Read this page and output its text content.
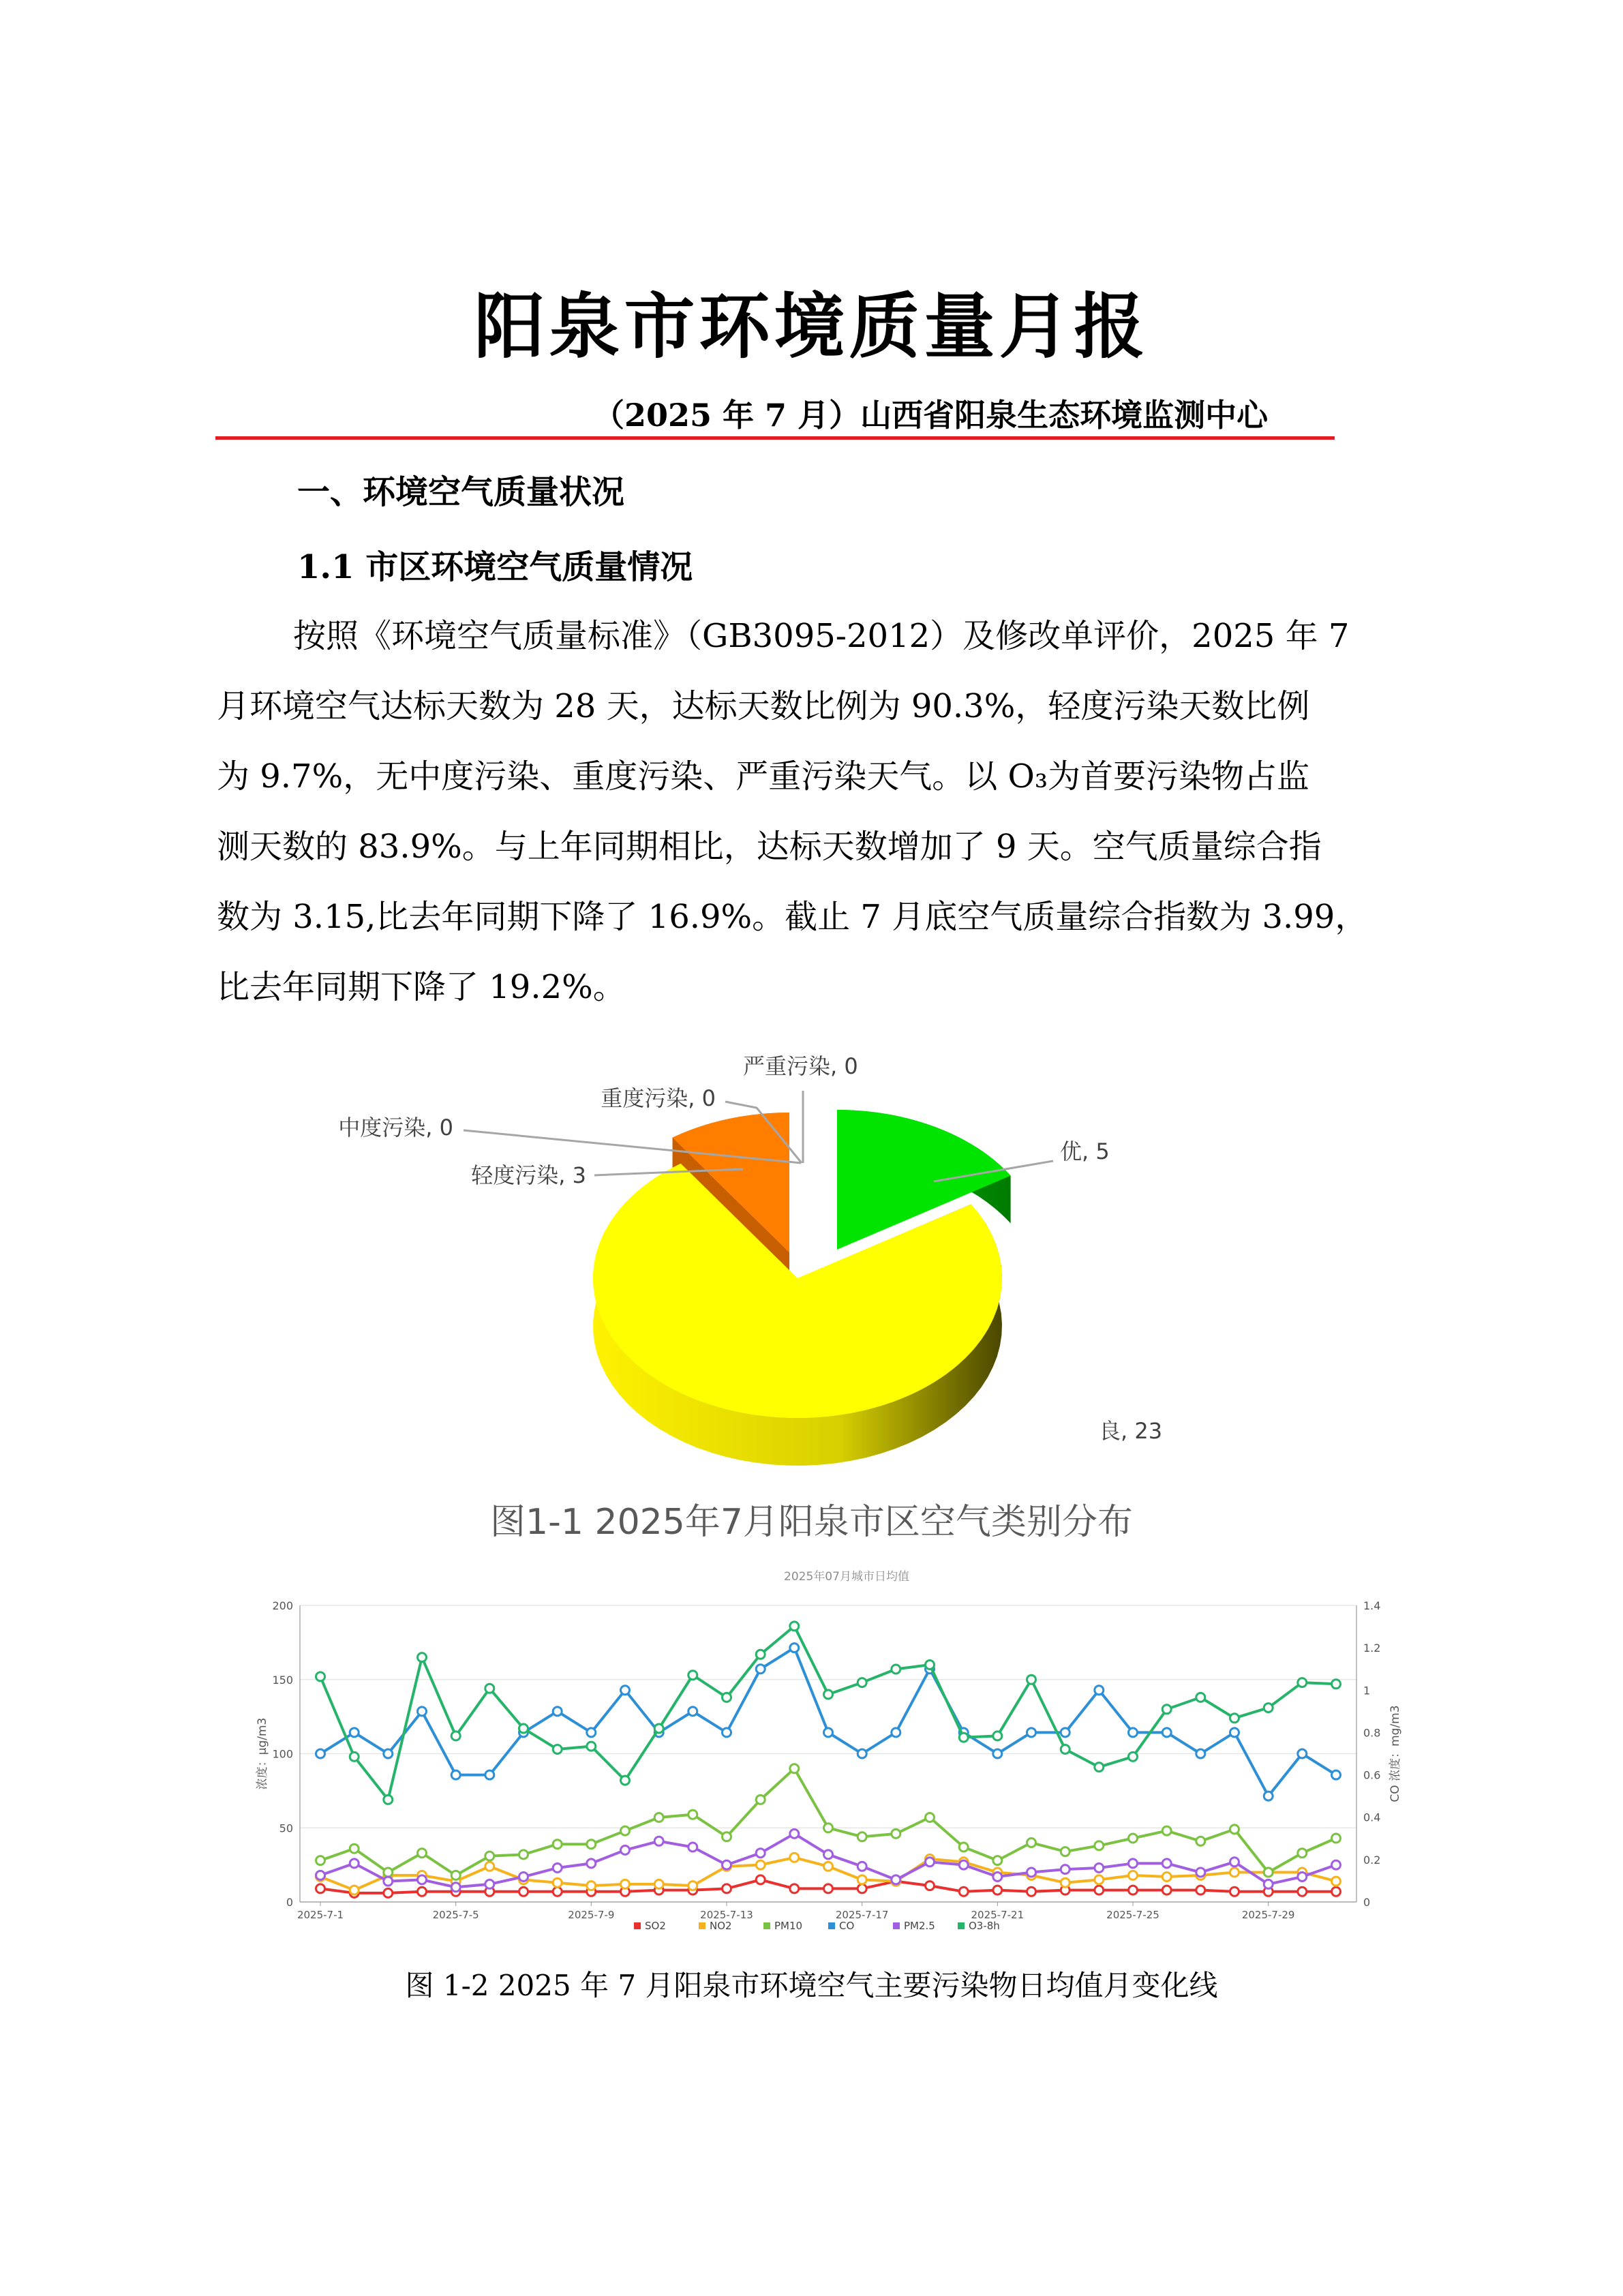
阳泉市环境质量月报
（2025 年 7 月）山西省阳泉生态环境监测中心
一、环境空气质量状况
1.1 市区环境空气质量情况
按照《环境空气质量标准》（GB3095-2012）及修改单评价，2025 年 7
月环境空气达标天数为 28 天，达标天数比例为 90.3%，轻度污染天数比例
为 9.7%，无中度污染、重度污染、严重污染天气。以 O₃为首要污染物占监
测天数的 83.9%。与上年同期相比，达标天数增加了 9 天。空气质量综合指
数为 3.15,比去年同期下降了 16.9%。截止 7 月底空气质量综合指数为 3.99，
比去年同期下降了 19.2%。
优, 5
良, 23
轻度污染, 3
中度污染, 0
重度污染, 0
严重污染, 0
图1-1 2025年7月阳泉市区空气类别分布
2025年07月城市日均值
0
50
100
150
200
0
0.2
0.4
0.6
0.8
1
1.2
1.4
2025-7-1	2025-7-5	2025-7-9	2025-7-13	2025-7-17	2025-7-21	2025-7-25	2025-7-29
浓度：μg/m3	CO 浓度：mg/m3
SO2	NO2	PM10	CO	PM2.5	O3-8h
图 1-2 2025 年 7 月阳泉市环境空气主要污染物日均值月变化线
